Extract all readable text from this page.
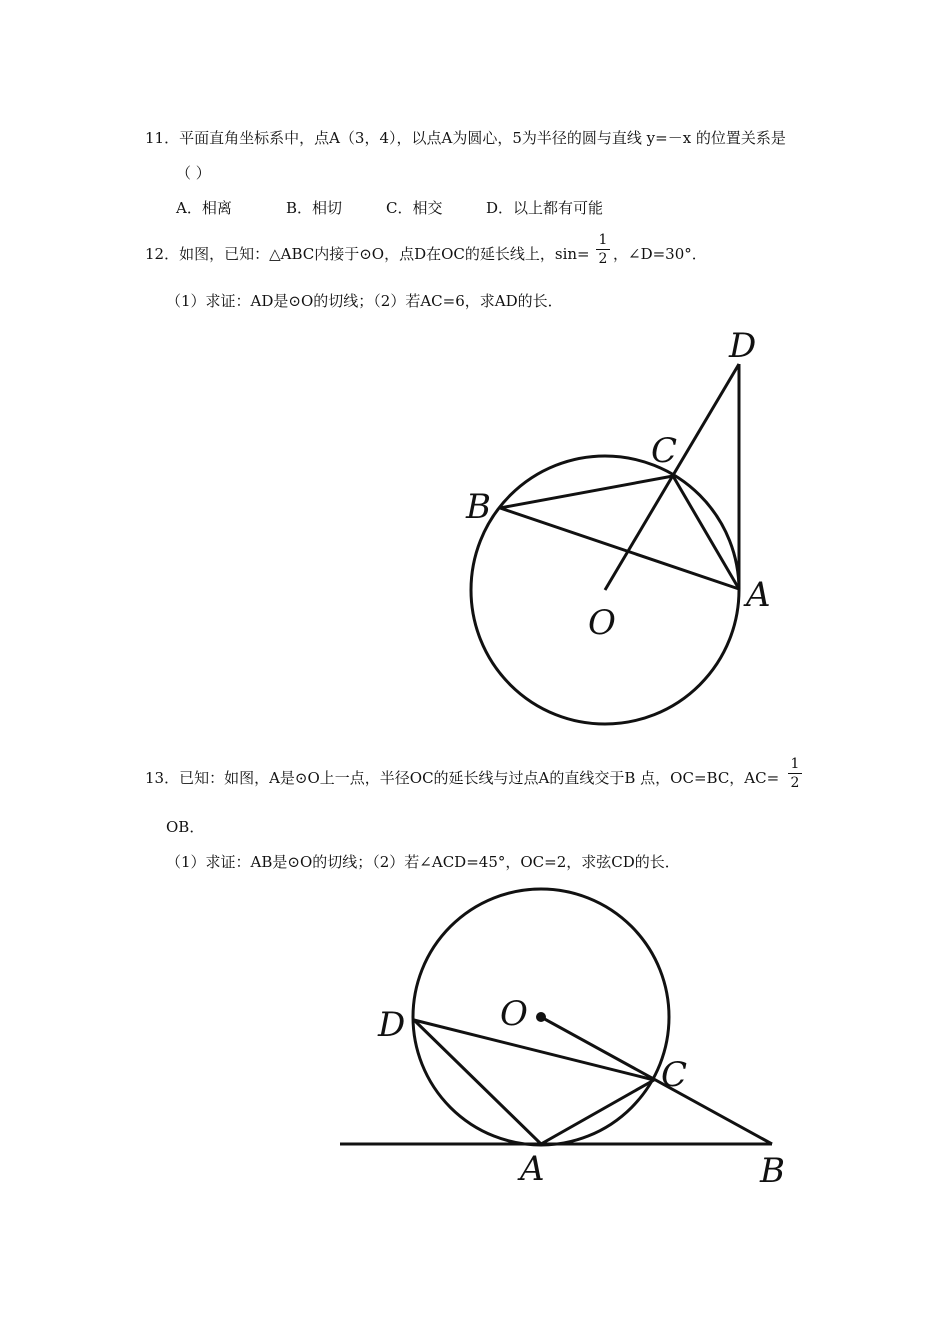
11．平面直角坐标系中，点A（3，4），以点A为圆心，5为半径的圆与直线 y=－x 的位置关系是
（ ）
A．相离	B．相切	C．相交	D．以上都有可能
12．如图，已知：△ABC内接于⊙O，点D在OC的延长线上，sin=
1
2 ，∠D=30°．
（1）求证：AD是⊙O的切线；（2）若AC=6，求AD的长．
D
C
B
A
O
O
D
C
A	B
13．已知：如图，A是⊙O上一点，半径OC的延长线与过点A的直线交于B 点，OC=BC，AC=
1
2
OB．
（1）求证：AB是⊙O的切线；（2）若∠ACD=45°，OC=2，求弦CD的长．
